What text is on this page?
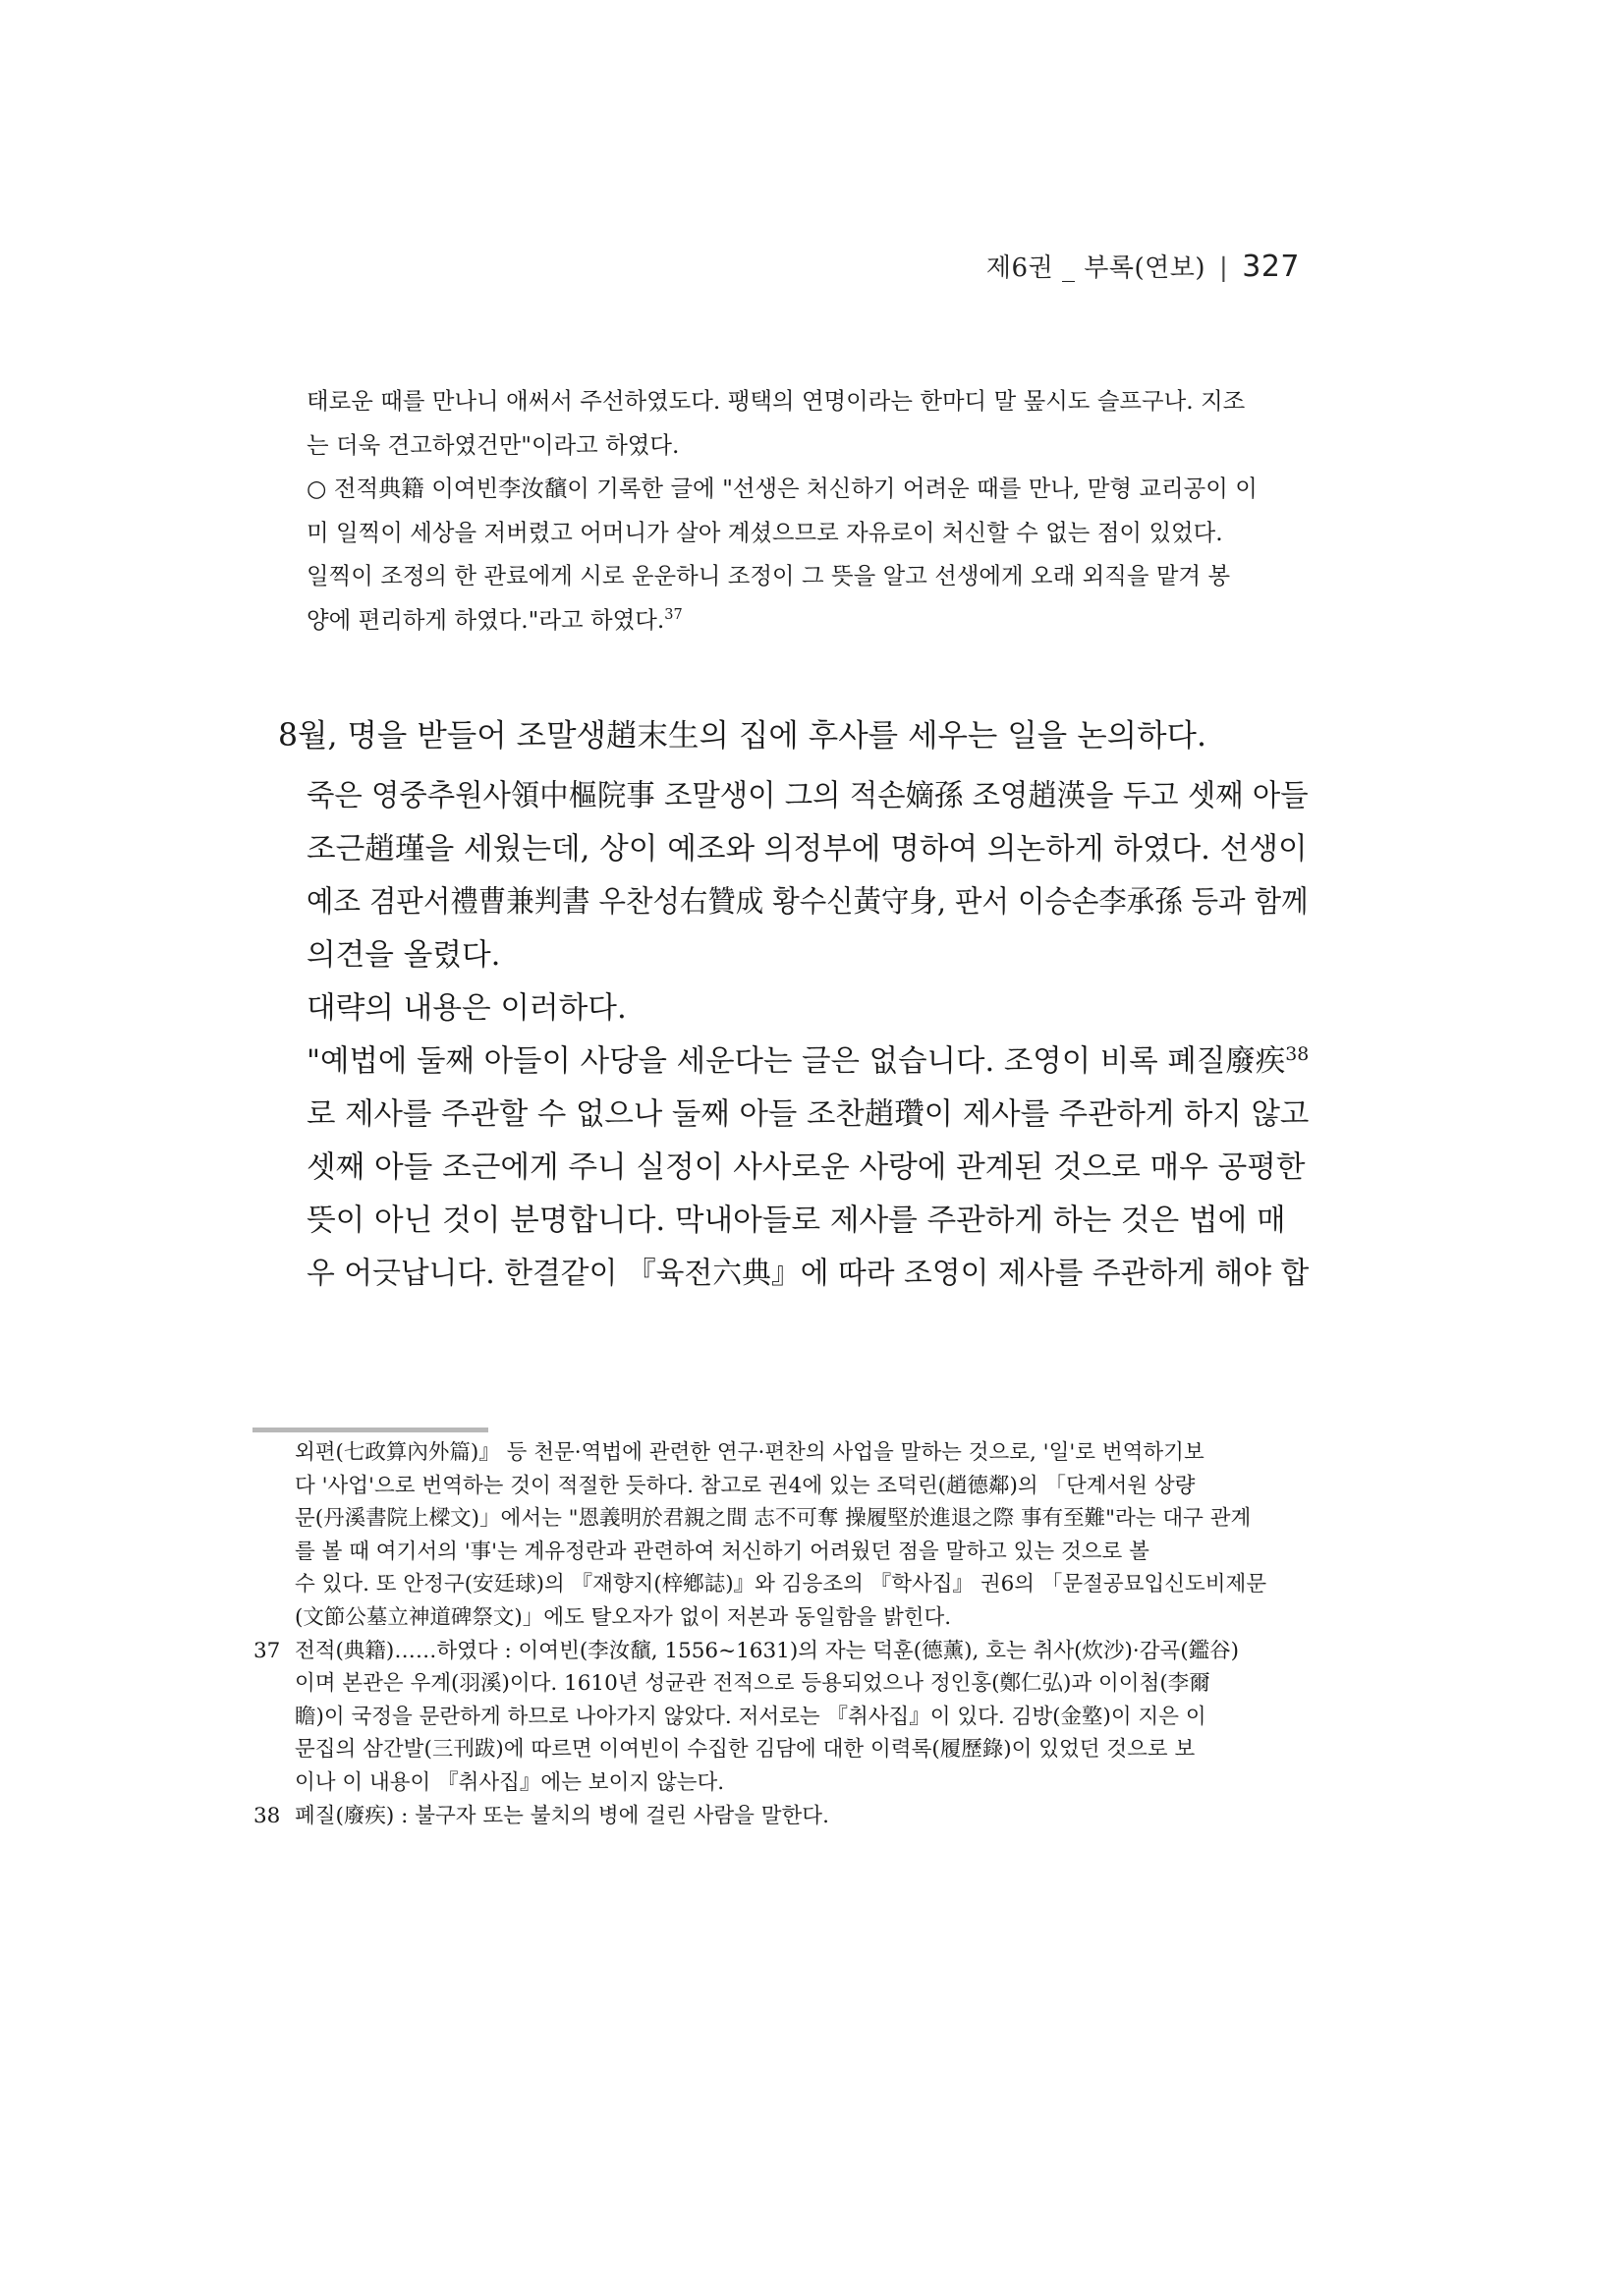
제6권 _ 부록(연보) | 327
태로운 때를 만나니 애써서 주선하였도다. 팽택의 연명이라는 한마디 말 뫂시도 슬프구나. 지조
는 더욱 견고하였건만"이라고 하였다.
○ 전적典籍 이여빈李汝馪이 기록한 글에 "선생은 처신하기 어려운 때를 만나, 맏형 교리공이 이
미 일찍이 세상을 저버렸고 어머니가 살아 계셨으므로 자유로이 처신할 수 없는 점이 있었다.
일찍이 조정의 한 관료에게 시로 운운하니 조정이 그 뜻을 알고 선생에게 오래 외직을 맡겨 봉
양에 편리하게 하였다."라고 하였다.$^{37}$
8월, 명을 받들어 조말생趙末生의 집에 후사를 세우는 일을 논의하다.
죽은 영중추원사領中樞院事 조말생이 그의 적손嫡孫 조영趙渶을 두고 셋째 아들
조근趙瑾을 세웠는데, 상이 예조와 의정부에 명하여 의논하게 하였다. 선생이
예조 겸판서禮曹兼判書 우찬성右贊成 황수신黃守身, 판서 이승손李承孫 등과 함께
의견을 올렸다.
대략의 내용은 이러하다.
"예법에 둘째 아들이 사당을 세운다는 글은 없습니다. 조영이 비록 폐질廢疾$^{38}$
로 제사를 주관할 수 없으나 둘째 아들 조찬趙瓚이 제사를 주관하게 하지 않고
셋째 아들 조근에게 주니 실정이 사사로운 사랑에 관계된 것으로 매우 공평한
뜻이 아닌 것이 분명합니다. 막내아들로 제사를 주관하게 하는 것은 법에 매
우 어긋납니다. 한결같이 『육전六典』에 따라 조영이 제사를 주관하게 해야 합
외편(七政算內外篇)』 등 천문·역법에 관련한 연구·편찬의 사업을 말하는 것으로, '일'로 번역하기보
다 '사업'으로 번역하는 것이 적절한 듯하다. 참고로 권4에 있는 조덕린(趙德鄰)의 「단계서원 상량
문(丹溪書院上樑文)」에서는 "恩義明於君親之間 志不可奪 操履堅於進退之際 事有至難"라는 대구 관계
를 볼 때 여기서의 '事'는 계유정란과 관련하여 처신하기 어려웠던 점을 말하고 있는 것으로 볼
수 있다. 또 안정구(安廷球)의 『재향지(梓鄕誌)』와 김응조의 『학사집』 권6의 「문절공묘입신도비제문
(文節公墓立神道碑祭文)」에도 탈오자가 없이 저본과 동일함을 밝힌다.
37 전적(典籍)……하였다 : 이여빈(李汝馪, 1556~1631)의 자는 덕훈(德薰), 호는 취사(炊沙)·감곡(鑑谷)
이며 본관은 우계(羽溪)이다. 1610년 성균관 전적으로 등용되었으나 정인홍(鄭仁弘)과 이이첨(李爾
瞻)이 국정을 문란하게 하므로 나아가지 않았다. 저서로는 『취사집』이 있다. 김방(金墪)이 지은 이
문집의 삼간발(三刊跋)에 따르면 이여빈이 수집한 김담에 대한 이력록(履歷錄)이 있었던 것으로 보
이나 이 내용이 『취사집』에는 보이지 않는다.
38 폐질(廢疾) : 불구자 또는 불치의 병에 걸린 사람을 말한다.
